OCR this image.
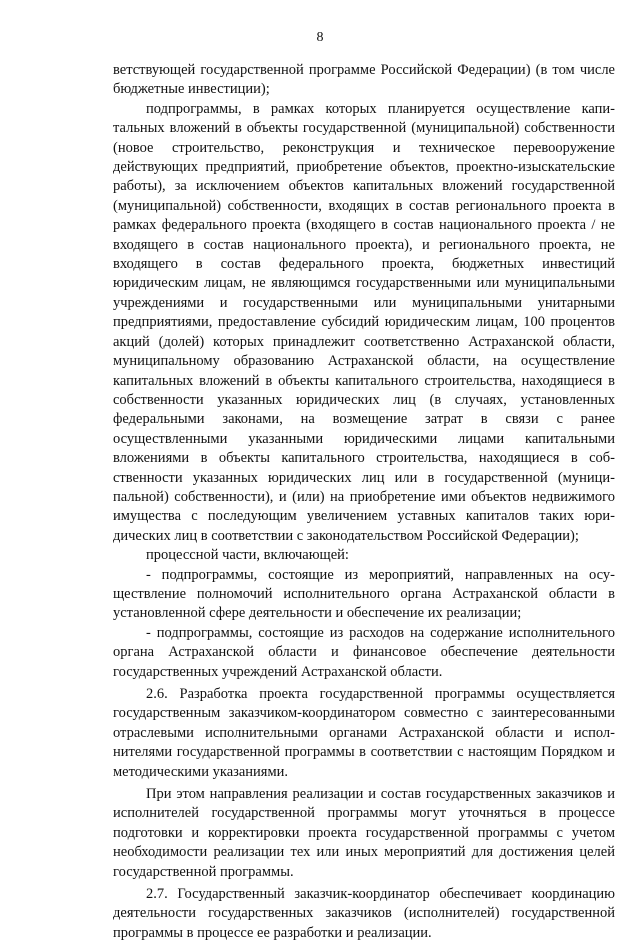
8

ветствующей государственной программе Российской Федерации) (в том числе бюджетные инвестиции);

подпрограммы, в рамках которых планируется осуществление капитальных вложений в объекты государственной (муниципальной) собственности (новое строительство, реконструкция и техническое перевооружение действующих предприятий, приобретение объектов, проектно-изыскательские работы), за исключением объектов капитальных вложений государственной (муниципальной) собственности, входящих в состав регионального проекта в рамках федерального проекта (входящего в состав национального проекта / не входящего в состав национального проекта), и регионального проекта, не входящего в состав федерального проекта, бюджетных инвестиций юридическим лицам, не являющимся государственными или муниципальными учреждениями и государственными или муниципальными унитарными предприятиями, предоставление субсидий юридическим лицам, 100 процентов акций (долей) которых принадлежит соответственно Астраханской области, муниципальному образованию Астраханской области, на осуществление капитальных вложений в объекты капитального строительства, находящиеся в собственности указанных юридических лиц (в случаях, установленных федеральными законами, на возмещение затрат в связи с ранее осуществленными указанными юридическими лицами капитальными вложениями в объекты капитального строительства, находящиеся в собственности указанных юридических лиц или в государственной (муниципальной) собственности), и (или) на приобретение ими объектов недвижимого имущества с последующим увеличением уставных капиталов таких юридических лиц в соответствии с законодательством Российской Федерации);

процессной части, включающей:

- подпрограммы, состоящие из мероприятий, направленных на осуществление полномочий исполнительного органа Астраханской области в установленной сфере деятельности и обеспечение их реализации;

- подпрограммы, состоящие из расходов на содержание исполнительного органа Астраханской области и финансовое обеспечение деятельности государственных учреждений Астраханской области.

2.6. Разработка проекта государственной программы осуществляется государственным заказчиком-координатором совместно с заинтересованными отраслевыми исполнительными органами Астраханской области и исполнителями государственной программы в соответствии с настоящим Порядком и методическими указаниями.

При этом направления реализации и состав государственных заказчиков и исполнителей государственной программы могут уточняться в процессе подготовки и корректировки проекта государственной программы с учетом необходимости реализации тех или иных мероприятий для достижения целей государственной программы.

2.7. Государственный заказчик-координатор обеспечивает координацию деятельности государственных заказчиков (исполнителей) государственной программы в процессе ее разработки и реализации.
